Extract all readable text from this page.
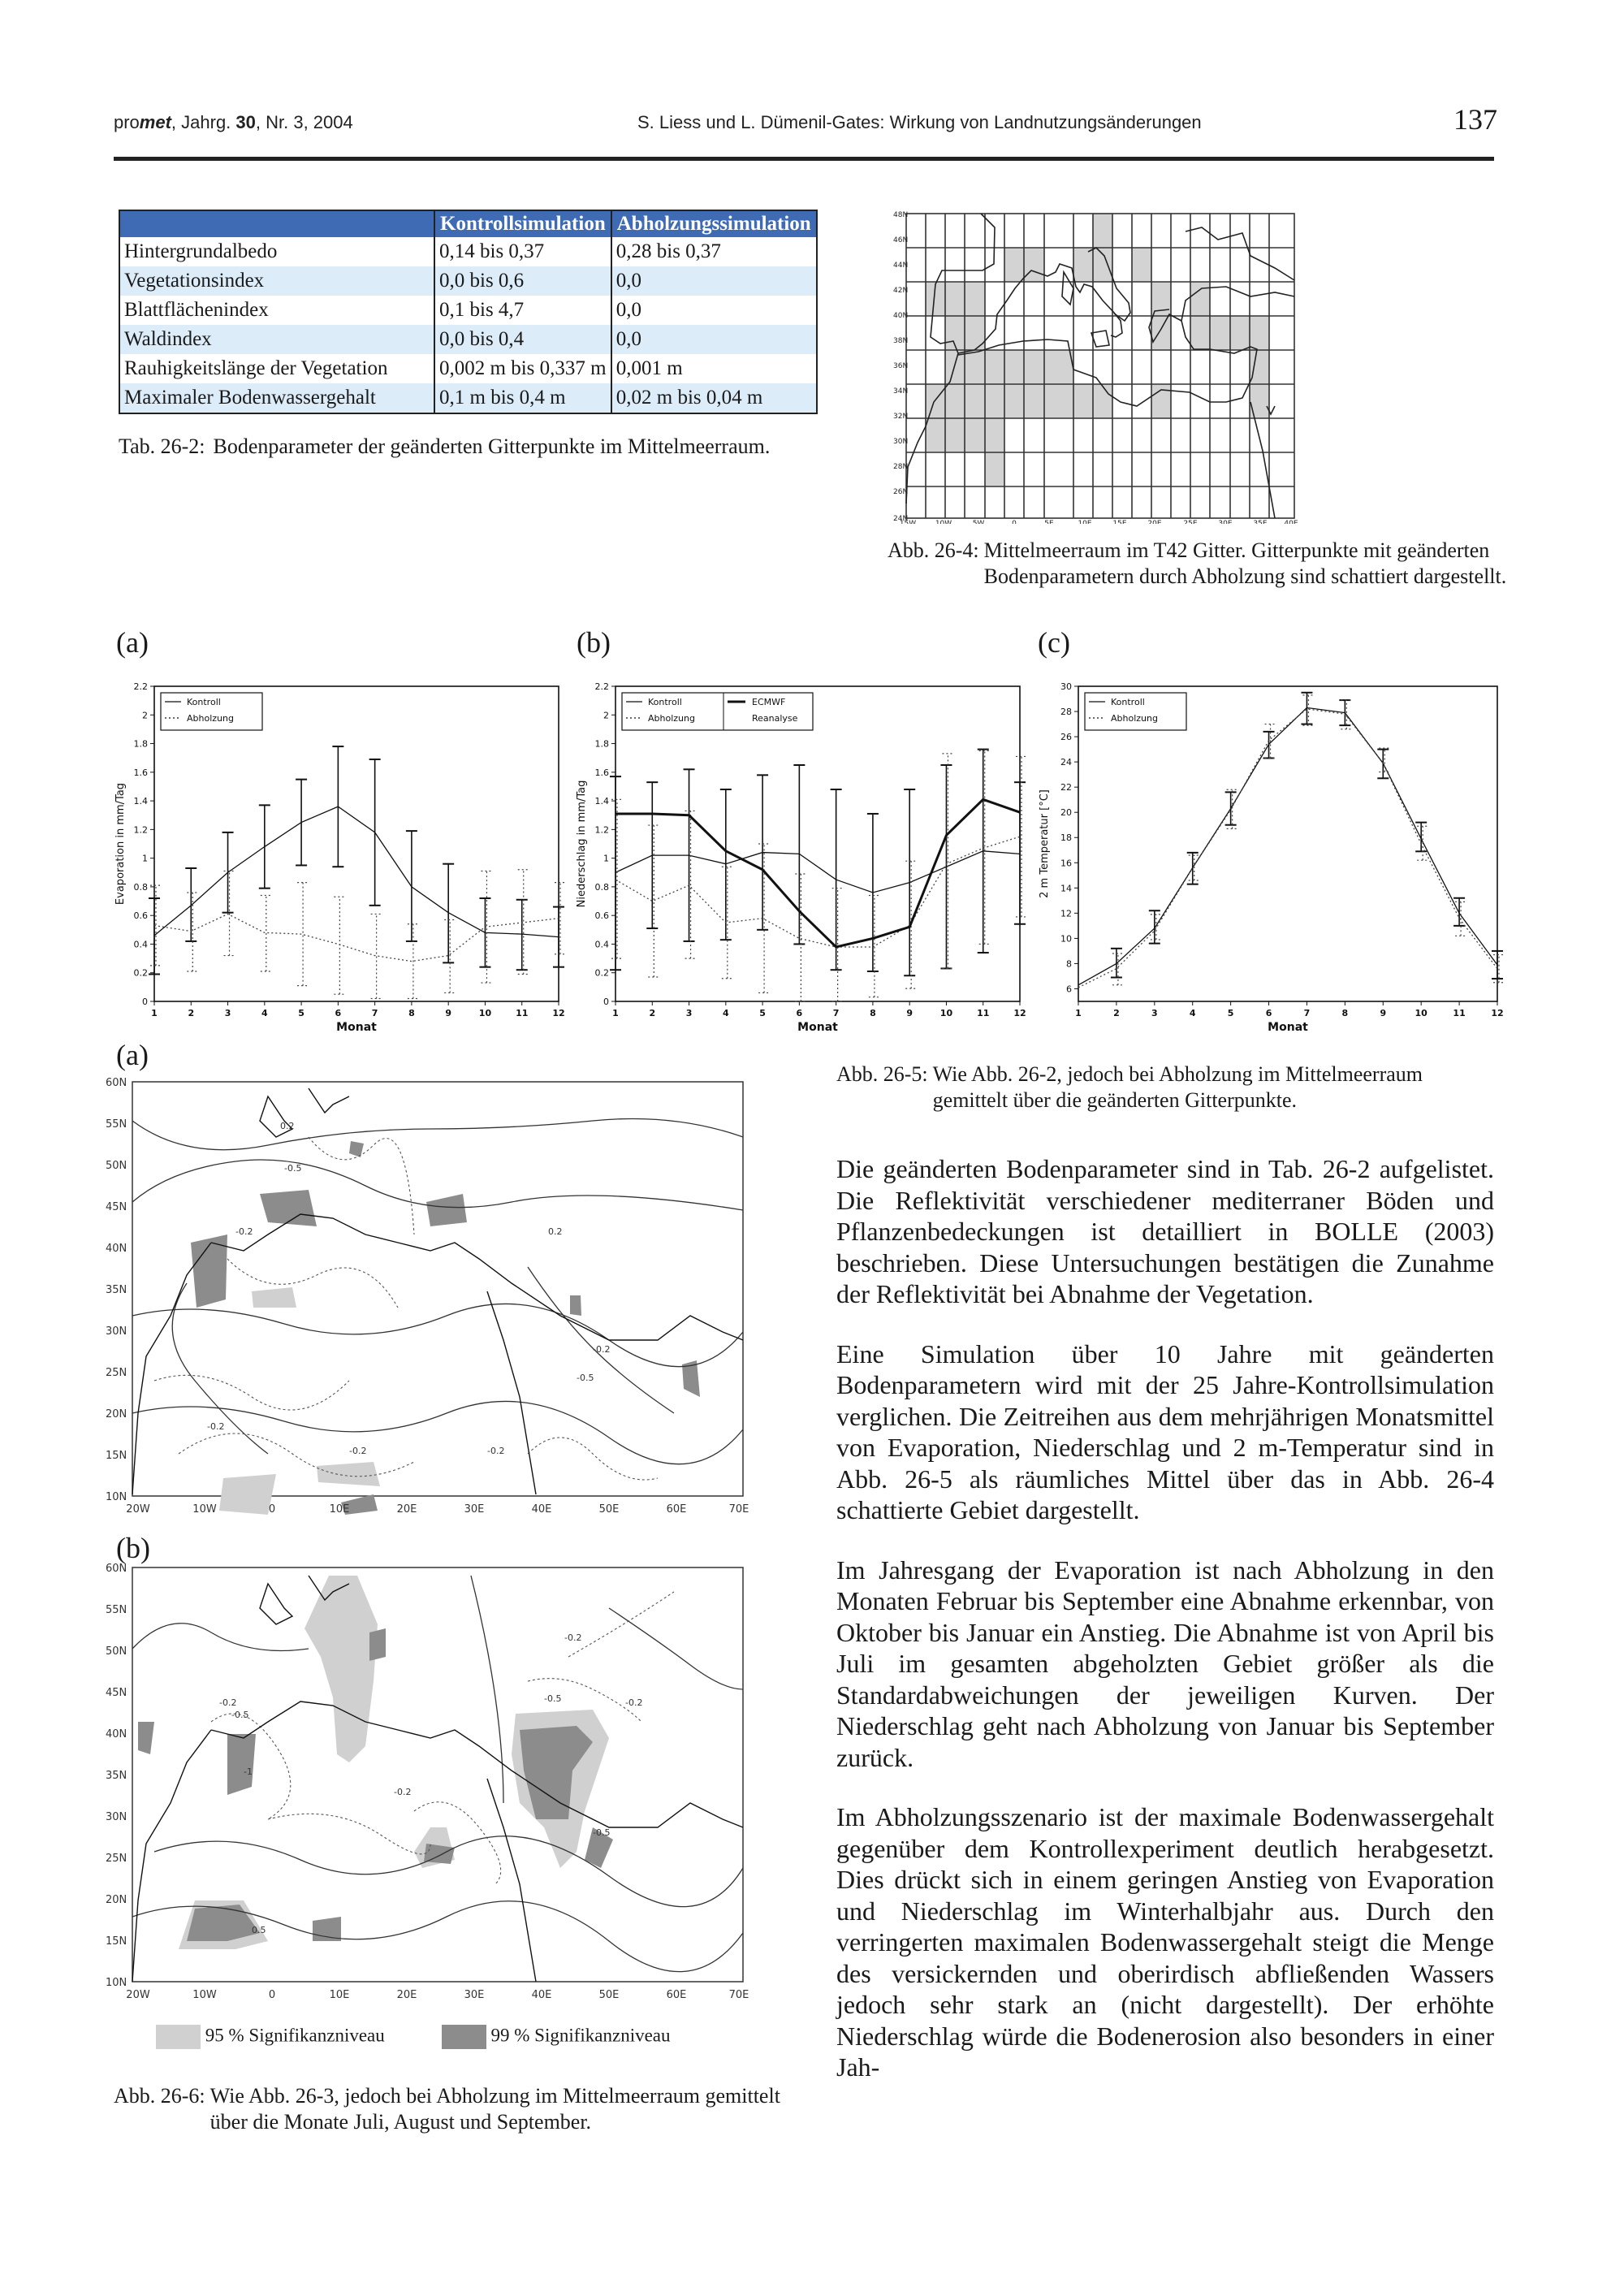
promet, Jahrg. 30, Nr. 3, 2004	S. Liess und L. Dümenil-Gates: Wirkung von Landnutzungsänderungen	137
	Kontrollsimulation	Abholzungssimulation
Hintergrundalbedo	0,14 bis 0,37	0,28 bis 0,37
Vegetationsindex	0,0 bis 0,6	0,0
Blattflächenindex	0,1 bis 4,7	0,0
Waldindex	0,0 bis 0,4	0,0
Rauhigkeitslänge der Vegetation	0,002 m bis 0,337 m	0,001 m
Maximaler Bodenwassergehalt	0,1 m bis 0,4 m	0,02 m bis 0,04 m
Tab. 26-2: Bodenparameter der geänderten Gitterpunkte im Mittelmeerraum.
48N
46N
44N
42N
40N
38N
36N
34N
32N
30N
28N
26N
24N
15W	10W	5W	0	5E	10E	15E	20E	25E	30E	35E 40E
Abb. 26-4: Mittelmeerraum im T42 Gitter. Gitterpunkte mit geänderten Bodenparametern durch Abholzung sind schattiert dargestellt.
(a)	(b)	(c)
0
0.2
0.4
0.6
0.8
1
1.2
1.4
1.6
1.8
2
2.2
1	2	3	4	5	6	7	8	9	10	11	12
Monat
Evaporation in mm/Tag
Kontroll
Abholzung
0
0.2
0.4
0.6
0.8
1
1.2
1.4
1.6
1.8
2
2.2
1	2	3	4	5	6	7	8	9	10	11	12
Monat
Niederschlag in mm/Tag
Kontroll
Abholzung
ECMWF
Reanalyse
6
8
10
12
14
16
18
20
22
24
26
28
30
1	2	3	4	5	6	7	8	9	10	11	12
Monat
2 m Temperatur [°C]
Kontroll
Abholzung
Abb. 26-5: Wie Abb. 26-2, jedoch bei Abholzung im Mittelmeerraum gemittelt über die geänderten Gitterpunkte.
(a)
0.2
-0.5
-0.2
-0.2	-0.2
-0.2
-0.2
-0.5
0.2
60N
55N
50N
45N
40N
35N
30N
25N
20N
15N
10N
20W	10W	0	10E	20E	30E	40E	50E	60E	70E
(b)
-0.2
-0.5
-1
-0.2
-0.5	-0.2
-0.2
-0.5
0.5
60N
55N
50N
45N
40N
35N
30N
25N
20N
15N
10N
20W	10W	0	10E	20E	30E	40E	50E	60E	70E
95 % Signifikanzniveau	99 % Signifikanzniveau
Abb. 26-6: Wie Abb. 26-3, jedoch bei Abholzung im Mittelmeerraum gemittelt über die Monate Juli, August und September.

Die geänderten Bodenparameter sind in Tab. 26-2 aufgelistet. Die Reflektivität verschiedener mediterraner Böden und Pflanzenbedeckungen ist detailliert in BOLLE (2003) beschrieben. Diese Untersuchungen bestätigen die Zunahme der Reflektivität bei Abnahme der Vegetation.

Eine Simulation über 10 Jahre mit geänderten Bodenparametern wird mit der 25 Jahre-Kontrollsimulation verglichen. Die Zeitreihen aus dem mehrjährigen Monatsmittel von Evaporation, Niederschlag und 2 m-Temperatur sind in Abb. 26-5 als räumliches Mittel über das in Abb. 26-4 schattierte Gebiet dargestellt.

Im Jahresgang der Evaporation ist nach Abholzung in den Monaten Februar bis September eine Abnahme erkennbar, von Oktober bis Januar ein Anstieg. Die Abnahme ist von April bis Juli im gesamten abgeholzten Gebiet größer als die Standardabweichungen der jeweiligen Kurven. Der Niederschlag geht nach Abholzung von Januar bis September zurück.

Im Abholzungsszenario ist der maximale Bodenwassergehalt gegenüber dem Kontrollexperiment deutlich herabgesetzt. Dies drückt sich in einem geringen Anstieg von Evaporation und Niederschlag im Winterhalbjahr aus. Durch den verringerten maximalen Bodenwassergehalt steigt die Menge des versickernden und oberirdisch abfließenden Wassers jedoch sehr stark an (nicht dargestellt). Der erhöhte Niederschlag würde die Bodenerosion also besonders in einer Jah-
